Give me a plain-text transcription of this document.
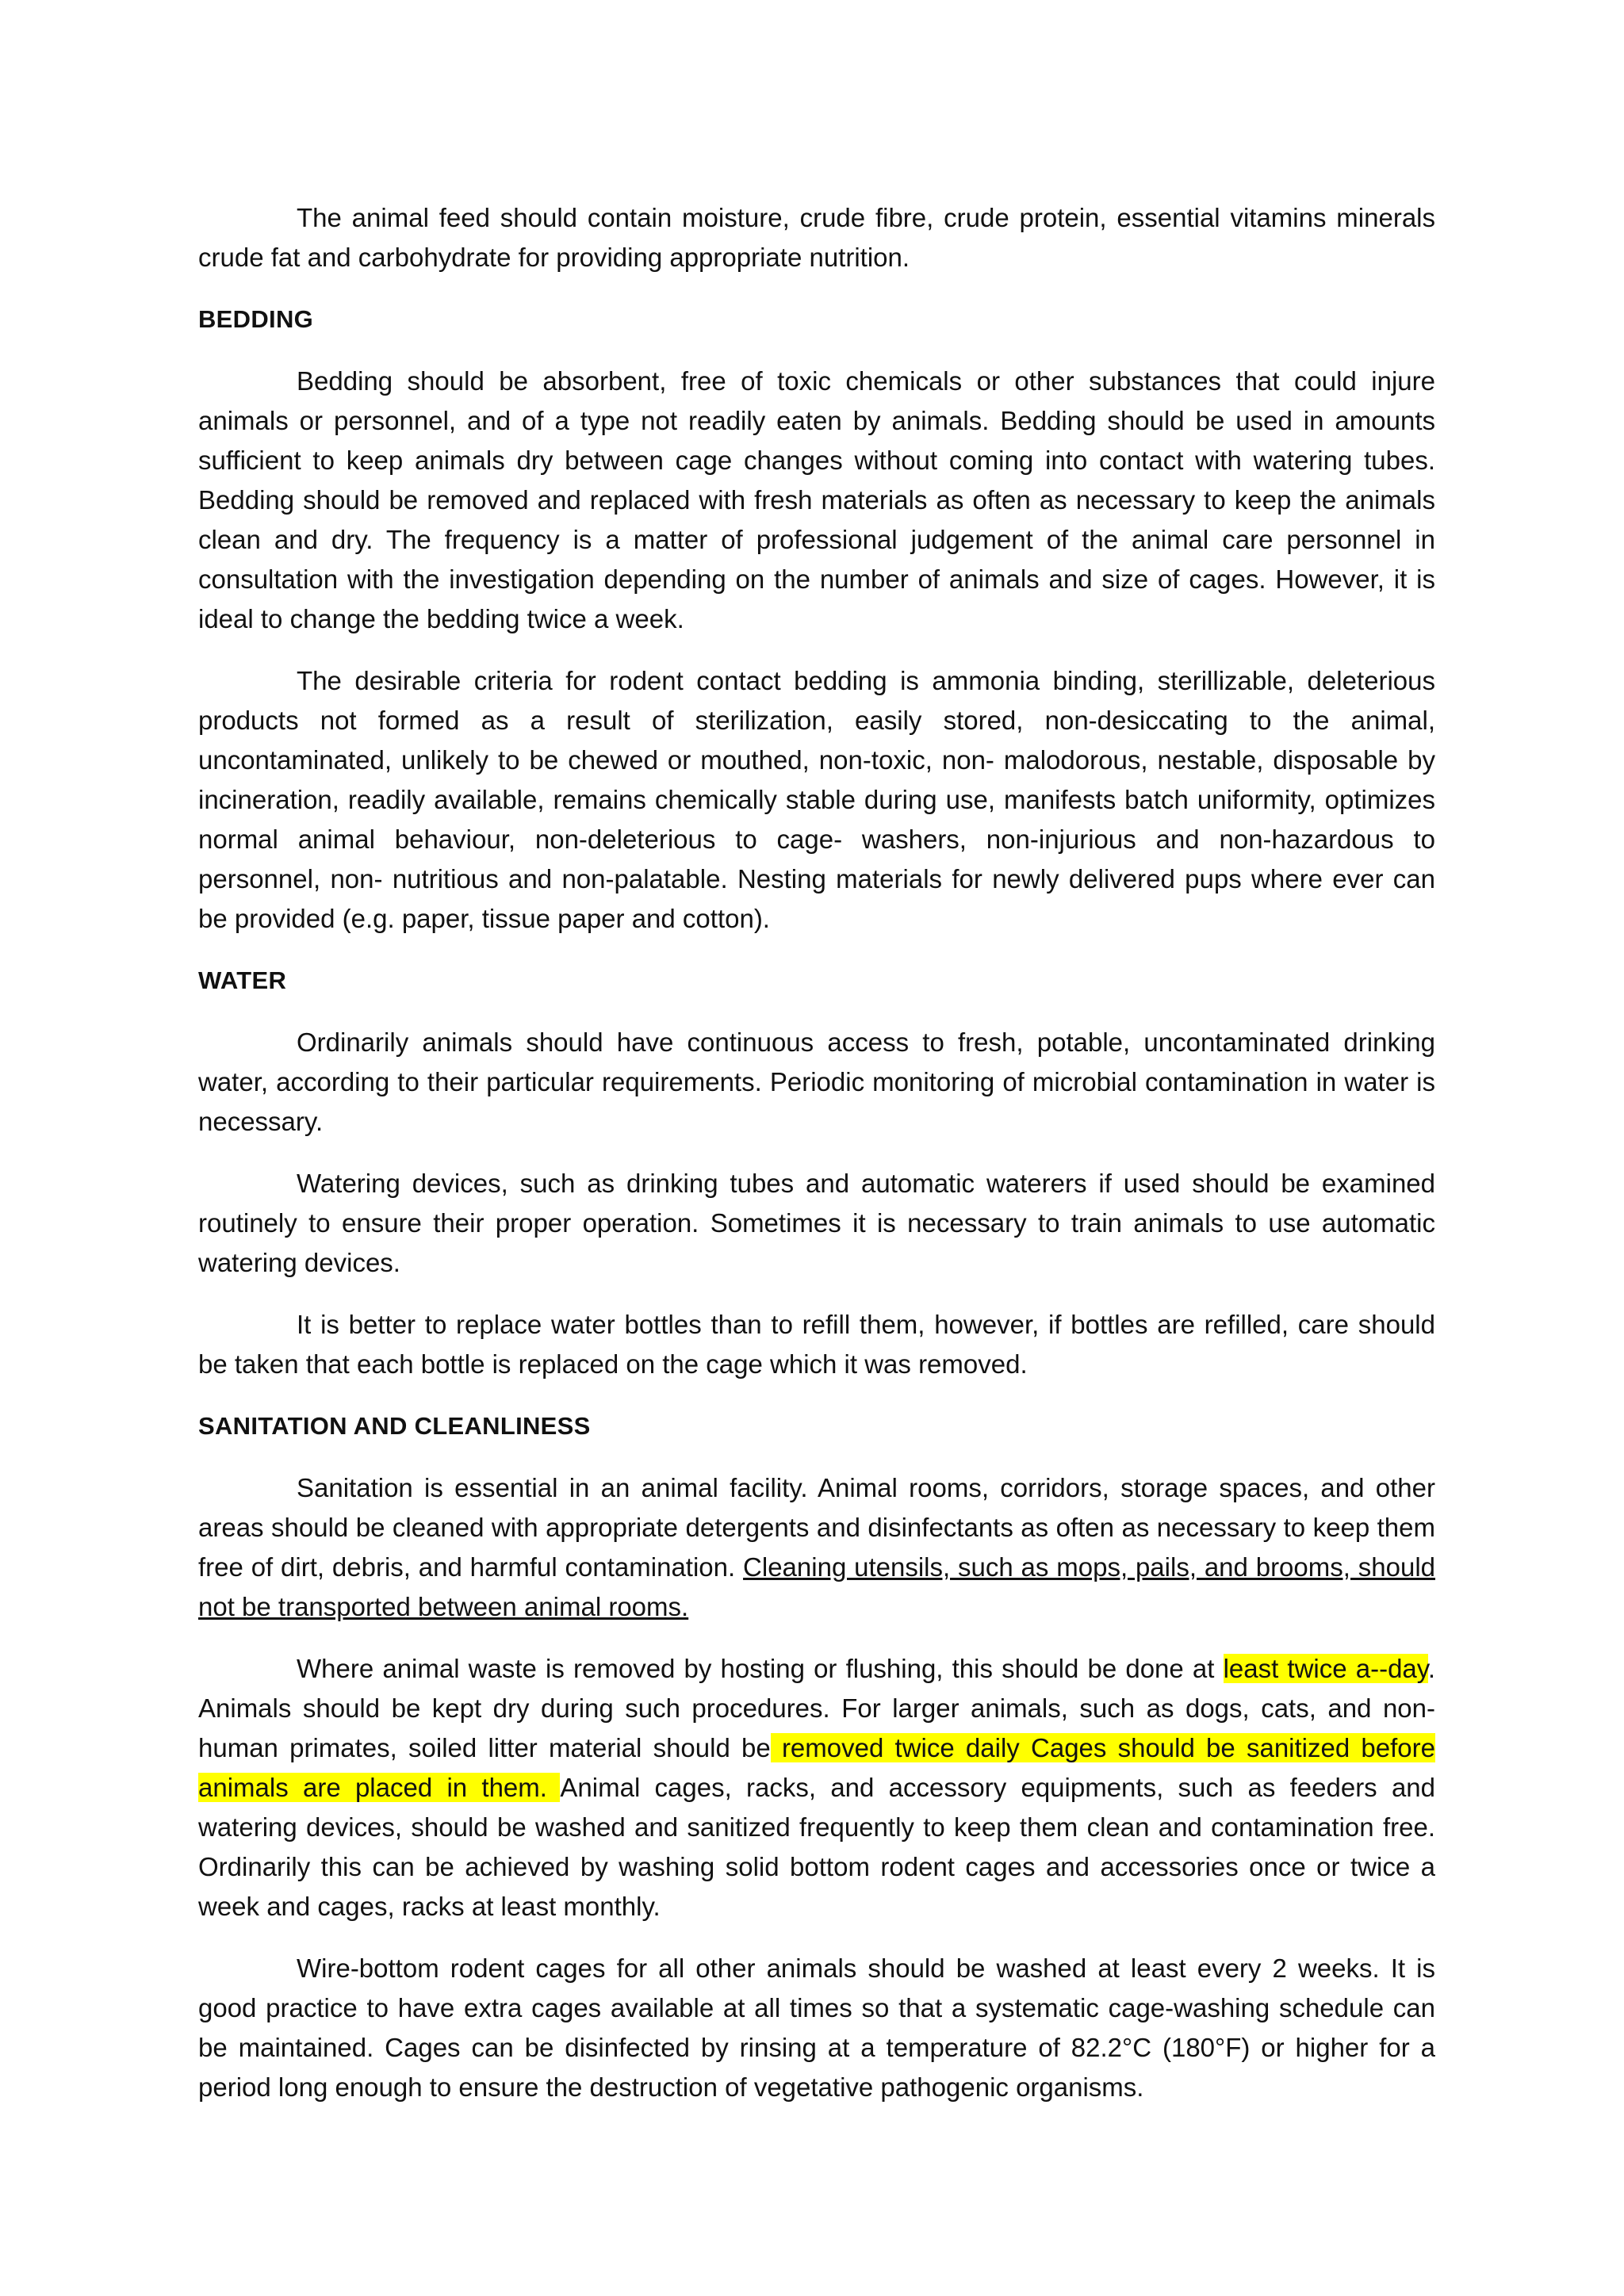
The animal feed should contain moisture, crude fibre, crude protein, essential vitamins minerals crude fat and carbohydrate for providing appropriate nutrition.

BEDDING

Bedding should be absorbent, free of toxic chemicals or other substances that could injure animals or personnel, and of a type not readily eaten by animals. Bedding should be used in amounts sufficient to keep animals dry between cage changes without coming into contact with watering tubes. Bedding should be removed and replaced with fresh materials as often as necessary to keep the animals clean and dry. The frequency is a matter of professional judgement of the animal care personnel in consultation with the investigation depending on the number of animals and size of cages. However, it is ideal to change the bedding twice a week.

The desirable criteria for rodent contact bedding is ammonia binding, sterillizable, deleterious products not formed as a result of sterilization, easily stored, non-desiccating to the animal, uncontaminated, unlikely to be chewed or mouthed, non-toxic, non- malodorous, nestable, disposable by incineration, readily available, remains chemically stable during use, manifests batch uniformity, optimizes normal animal behaviour, non-deleterious to cage- washers, non-injurious and non-hazardous to personnel, non- nutritious and non-palatable. Nesting materials for newly delivered pups where ever can be provided (e.g. paper, tissue paper and cotton).

WATER

Ordinarily animals should have continuous access to fresh, potable, uncontaminated drinking water, according to their particular requirements. Periodic monitoring of microbial contamination in water is necessary.

Watering devices, such as drinking tubes and automatic waterers if used should be examined routinely to ensure their proper operation. Sometimes it is necessary to train animals to use automatic watering devices.

It is better to replace water bottles than to refill them, however, if bottles are refilled, care should be taken that each bottle is replaced on the cage which it was removed.

SANITATION AND CLEANLINESS

Sanitation is essential in an animal facility. Animal rooms, corridors, storage spaces, and other areas should be cleaned with appropriate detergents and disinfectants as often as necessary to keep them free of dirt, debris, and harmful contamination. Cleaning utensils, such as mops, pails, and brooms, should not be transported between animal rooms.

Where animal waste is removed by hosting or flushing, this should be done at least twice a--day. Animals should be kept dry during such procedures. For larger animals, such as dogs, cats, and non-human primates, soiled litter material should be removed twice daily Cages should be sanitized before animals are placed in them. Animal cages, racks, and accessory equipments, such as feeders and watering devices, should be washed and sanitized frequently to keep them clean and contamination free. Ordinarily this can be achieved by washing solid bottom rodent cages and accessories once or twice a week and cages, racks at least monthly.

Wire-bottom rodent cages for all other animals should be washed at least every 2 weeks. It is good practice to have extra cages available at all times so that a systematic cage-washing schedule can be maintained. Cages can be disinfected by rinsing at a temperature of 82.2°C (180°F) or higher for a period long enough to ensure the destruction of vegetative pathogenic organisms.
